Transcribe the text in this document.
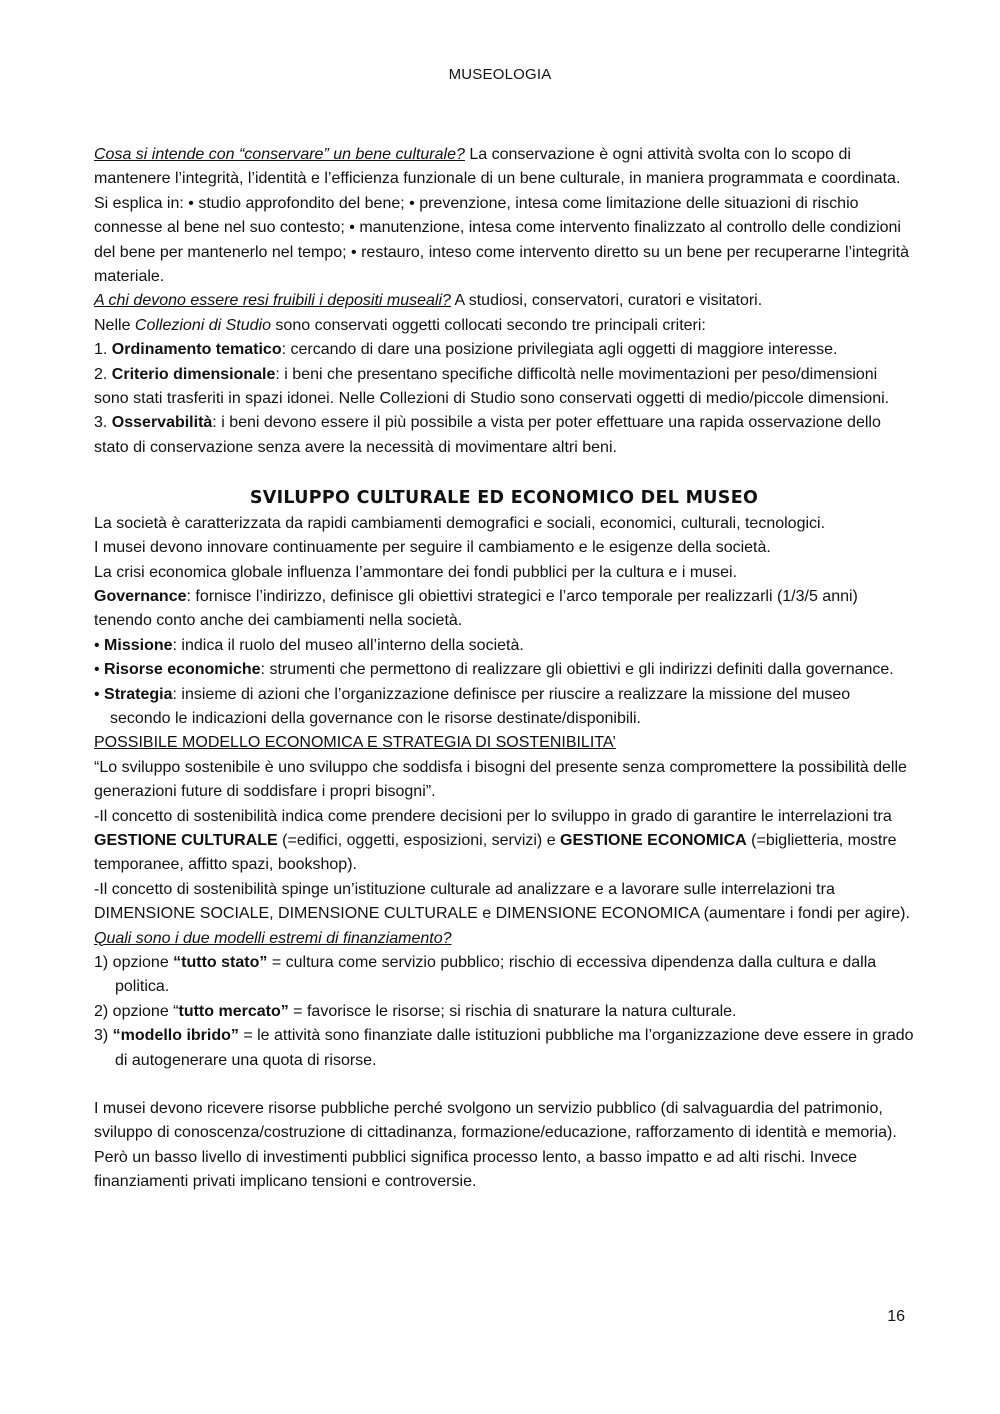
MUSEOLOGIA

Cosa si intende con “conservare” un bene culturale? La conservazione è ogni attività svolta con lo scopo di mantenere l’integrità, l’identità e l’efficienza funzionale di un bene culturale, in maniera programmata e coordinata. Si esplica in: • studio approfondito del bene; • prevenzione, intesa come limitazione delle situazioni di rischio connesse al bene nel suo contesto; • manutenzione, intesa come intervento finalizzato al controllo delle condizioni del bene per mantenerlo nel tempo; • restauro, inteso come intervento diretto su un bene per recuperarne l’integrità materiale.

A chi devono essere resi fruibili i depositi museali? A studiosi, conservatori, curatori e visitatori.

Nelle Collezioni di Studio sono conservati oggetti collocati secondo tre principali criteri:

1. Ordinamento tematico: cercando di dare una posizione privilegiata agli oggetti di maggiore interesse.

2. Criterio dimensionale: i beni che presentano specifiche difficoltà nelle movimentazioni per peso/dimensioni sono stati trasferiti in spazi idonei. Nelle Collezioni di Studio sono conservati oggetti di medio/piccole dimensioni.

3. Osservabilità: i beni devono essere il più possibile a vista per poter effettuare una rapida osservazione dello stato di conservazione senza avere la necessità di movimentare altri beni.

SVILUPPO CULTURALE ED ECONOMICO DEL MUSEO

La società è caratterizzata da rapidi cambiamenti demografici e sociali, economici, culturali, tecnologici.

I musei devono innovare continuamente per seguire il cambiamento e le esigenze della società.

La crisi economica globale influenza l’ammontare dei fondi pubblici per la cultura e i musei.

Governance: fornisce l’indirizzo, definisce gli obiettivi strategici e l’arco temporale per realizzarli (1/3/5 anni) tenendo conto anche dei cambiamenti nella società.

• Missione: indica il ruolo del museo all’interno della società.

• Risorse economiche: strumenti che permettono di realizzare gli obiettivi e gli indirizzi definiti dalla governance.

• Strategia: insieme di azioni che l’organizzazione definisce per riuscire a realizzare la missione del museo secondo le indicazioni della governance con le risorse destinate/disponibili.

POSSIBILE MODELLO ECONOMICA E STRATEGIA DI SOSTENIBILITA’

“Lo sviluppo sostenibile è uno sviluppo che soddisfa i bisogni del presente senza compromettere la possibilità delle generazioni future di soddisfare i propri bisogni”.

-Il concetto di sostenibilità indica come prendere decisioni per lo sviluppo in grado di garantire le interrelazioni tra GESTIONE CULTURALE (=edifici, oggetti, esposizioni, servizi) e GESTIONE ECONOMICA (=biglietteria, mostre temporanee, affitto spazi, bookshop).

-Il concetto di sostenibilità spinge un’istituzione culturale ad analizzare e a lavorare sulle interrelazioni tra DIMENSIONE SOCIALE, DIMENSIONE CULTURALE e DIMENSIONE ECONOMICA (aumentare i fondi per agire).

Quali sono i due modelli estremi di finanziamento?

1) opzione “tutto stato” = cultura come servizio pubblico; rischio di eccessiva dipendenza dalla cultura e dalla politica.

2) opzione “tutto mercato” = favorisce le risorse; si rischia di snaturare la natura culturale.

3) “modello ibrido” = le attività sono finanziate dalle istituzioni pubbliche ma l’organizzazione deve essere in grado di autogenerare una quota di risorse.

I musei devono ricevere risorse pubbliche perché svolgono un servizio pubblico (di salvaguardia del patrimonio, sviluppo di conoscenza/costruzione di cittadinanza, formazione/educazione, rafforzamento di identità e memoria). Però un basso livello di investimenti pubblici significa processo lento, a basso impatto e ad alti rischi. Invece finanziamenti privati implicano tensioni e controversie.

16
